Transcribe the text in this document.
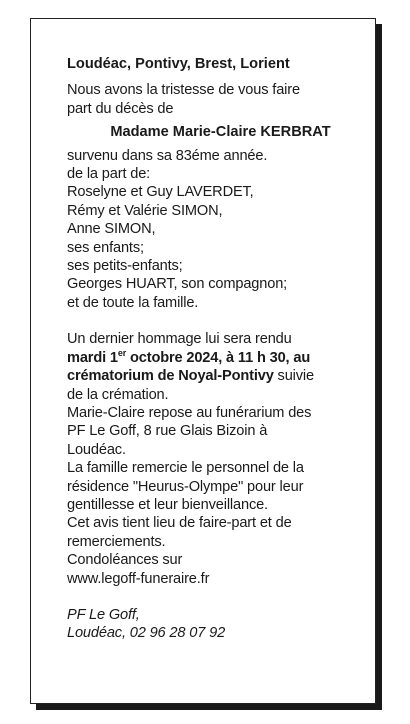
Loudéac, Pontivy, Brest, Lorient
Nous avons la tristesse de vous faire
part du décès de
Madame Marie-Claire KERBRAT
survenu dans sa 83éme année.
de la part de:
Roselyne et Guy LAVERDET,
Rémy et Valérie SIMON,
Anne SIMON,
ses enfants;
ses petits-enfants;
Georges HUART, son compagnon;
et de toute la famille.
Un dernier hommage lui sera rendu
mardi 1er octobre 2024, à 11 h 30, au
crématorium de Noyal-Pontivy suivie
de la crémation.
Marie-Claire repose au funérarium des
PF Le Goff, 8 rue Glais Bizoin à
Loudéac.
La famille remercie le personnel de la
résidence "Heurus-Olympe" pour leur
gentillesse et leur bienveillance.
Cet avis tient lieu de faire-part et de
remerciements.
Condoléances sur
www.legoff-funeraire.fr
PF Le Goff,
Loudéac, 02 96 28 07 92
